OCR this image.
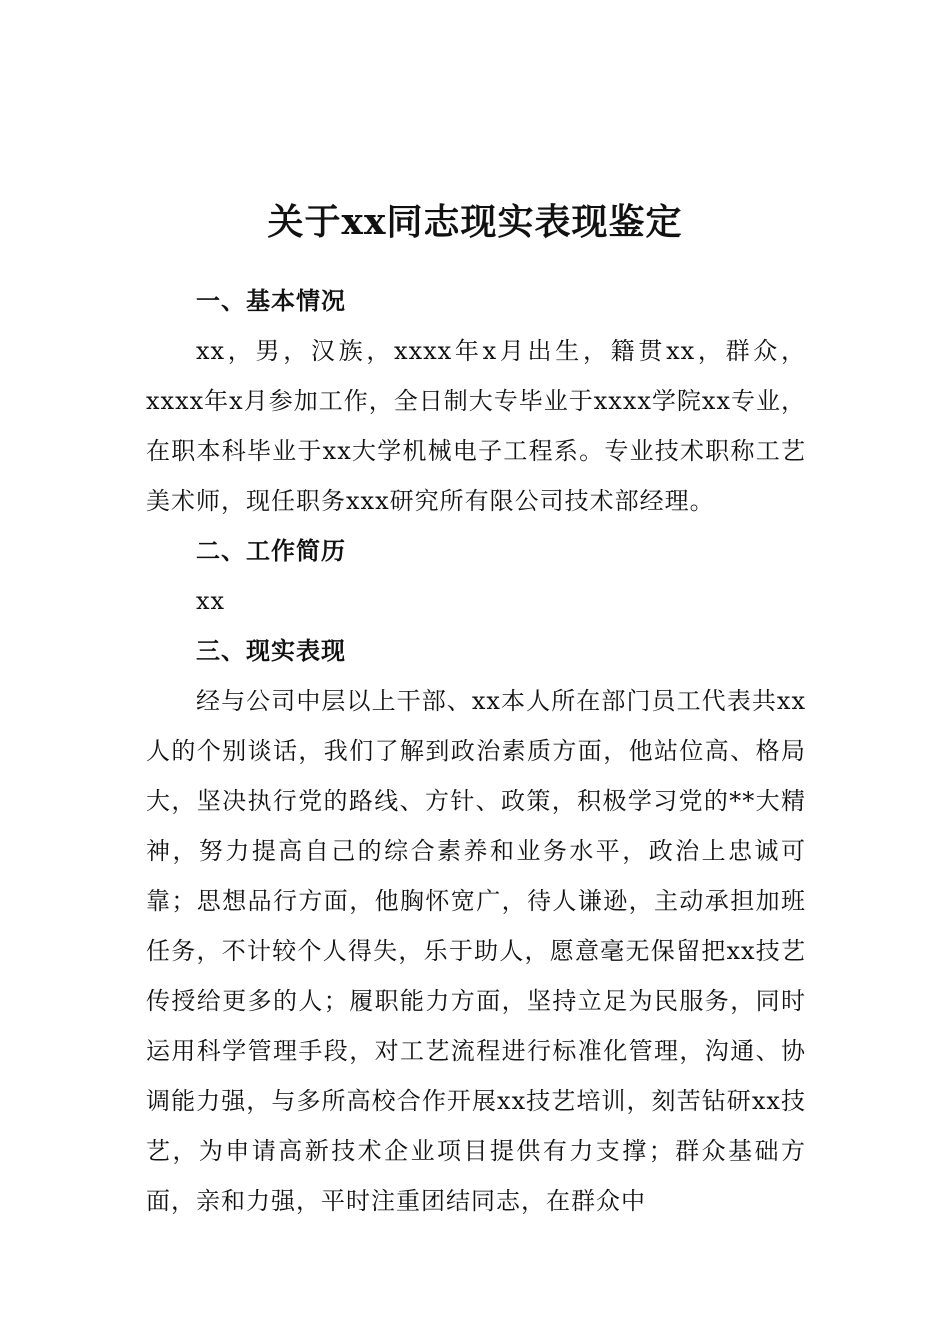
关于xx同志现实表现鉴定
一、基本情况

xx，男，汉族，xxxx年x月出生，籍贯xx，群众，xxxx年x月参加工作，全日制大专毕业于xxxx学院xx专业，在职本科毕业于xx大学机械电子工程系。专业技术职称工艺美术师，现任职务xxx研究所有限公司技术部经理。

二、工作简历

xx

三、现实表现

经与公司中层以上干部、xx本人所在部门员工代表共xx人的个别谈话，我们了解到政治素质方面，他站位高、格局大，坚决执行党的路线、方针、政策，积极学习党的**大精神，努力提高自己的综合素养和业务水平，政治上忠诚可靠；思想品行方面，他胸怀宽广，待人谦逊，主动承担加班任务，不计较个人得失，乐于助人，愿意毫无保留把xx技艺传授给更多的人；履职能力方面，坚持立足为民服务，同时运用科学管理手段，对工艺流程进行标准化管理，沟通、协调能力强，与多所高校合作开展xx技艺培训，刻苦钻研xx技艺，为申请高新技术企业项目提供有力支撑；群众基础方面，亲和力强，平时注重团结同志，在群众中
